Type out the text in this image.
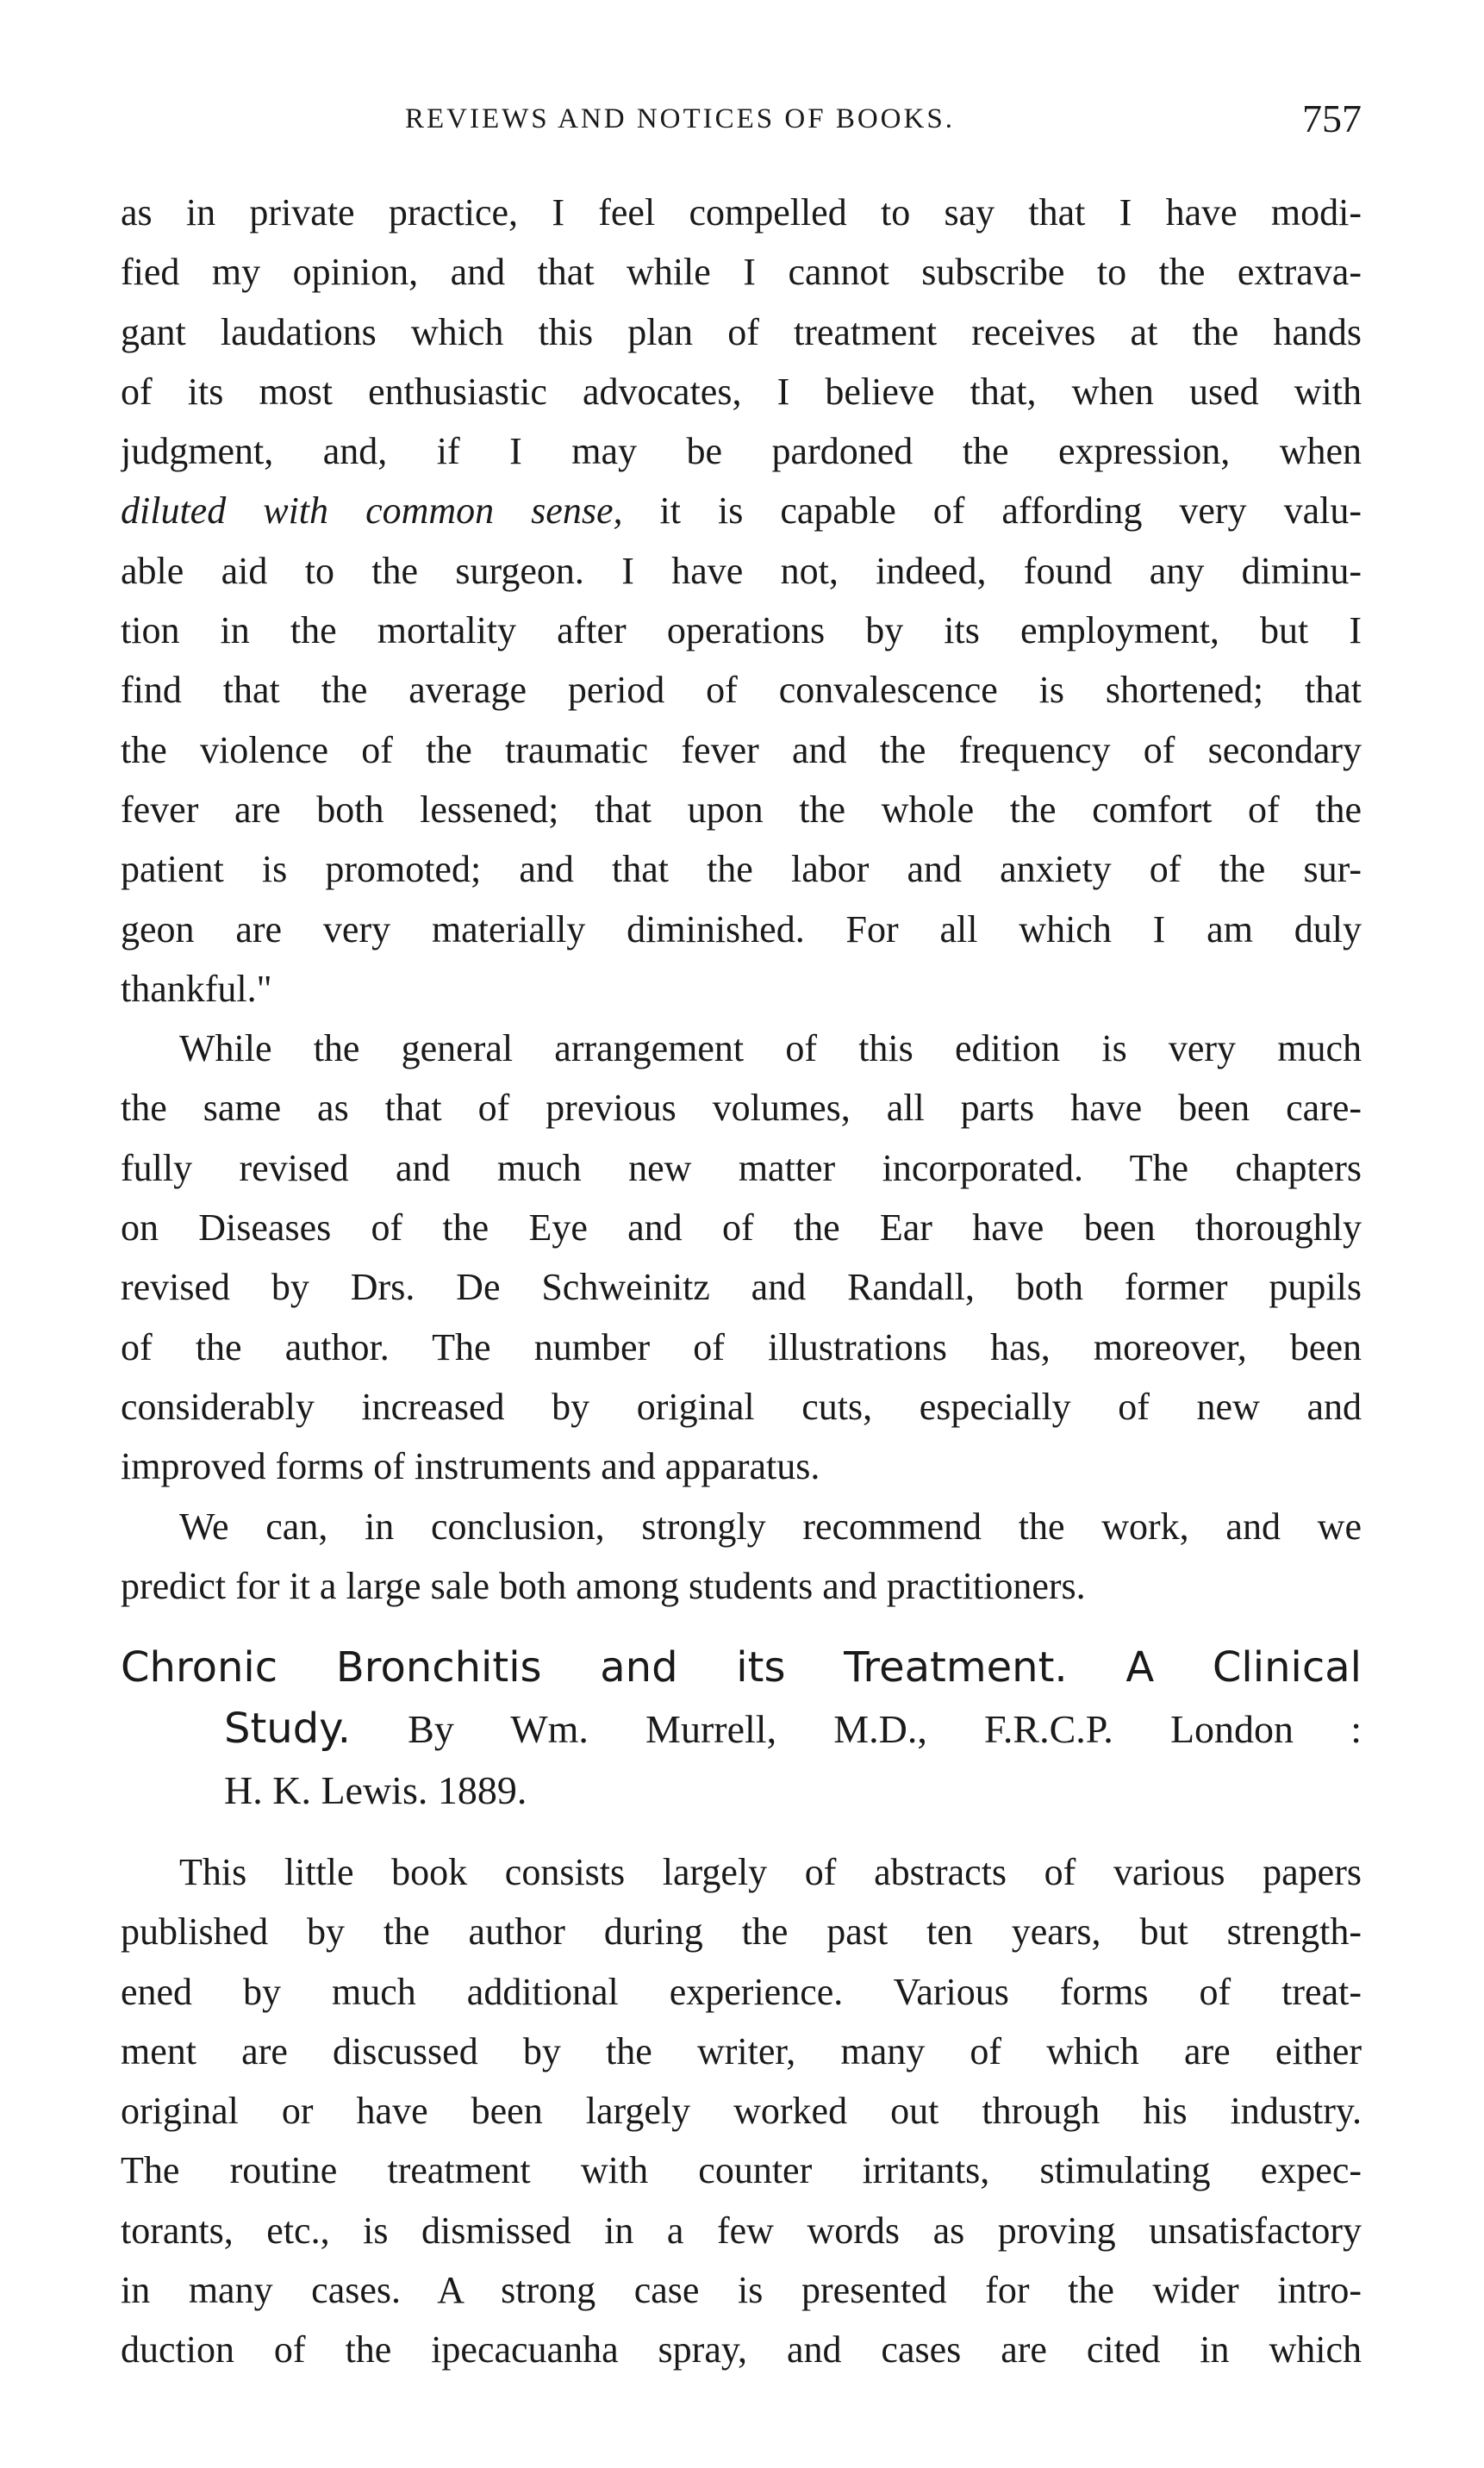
REVIEWS AND NOTICES OF BOOKS.	757
as in private practice, I feel compelled to say that I have modi-
fied my opinion, and that while I cannot subscribe to the extrava-
gant laudations which this plan of treatment receives at the hands
of its most enthusiastic advocates, I believe that, when used with
judgment, and, if I may be pardoned the expression, when
diluted with common sense, it is capable of affording very valu-
able aid to the surgeon. I have not, indeed, found any diminu-
tion in the mortality after operations by its employment, but I
find that the average period of convalescence is shortened; that
the violence of the traumatic fever and the frequency of secondary
fever are both lessened; that upon the whole the comfort of the
patient is promoted; and that the labor and anxiety of the sur-
geon are very materially diminished. For all which I am duly
thankful."
While the general arrangement of this edition is very much
the same as that of previous volumes, all parts have been care-
fully revised and much new matter incorporated. The chapters
on Diseases of the Eye and of the Ear have been thoroughly
revised by Drs. De Schweinitz and Randall, both former pupils
of the author. The number of illustrations has, moreover, been
considerably increased by original cuts, especially of new and
improved forms of instruments and apparatus.
We can, in conclusion, strongly recommend the work, and we
predict for it a large sale both among students and practitioners.
Chronic Bronchitis and its Treatment. A Clinical
Study. By Wm. Murrell, M.D., F.R.C.P. London :
H. K. Lewis. 1889.
This little book consists largely of abstracts of various papers
published by the author during the past ten years, but strength-
ened by much additional experience. Various forms of treat-
ment are discussed by the writer, many of which are either
original or have been largely worked out through his industry.
The routine treatment with counter irritants, stimulating expec-
torants, etc., is dismissed in a few words as proving unsatisfactory
in many cases. A strong case is presented for the wider intro-
duction of the ipecacuanha spray, and cases are cited in which
